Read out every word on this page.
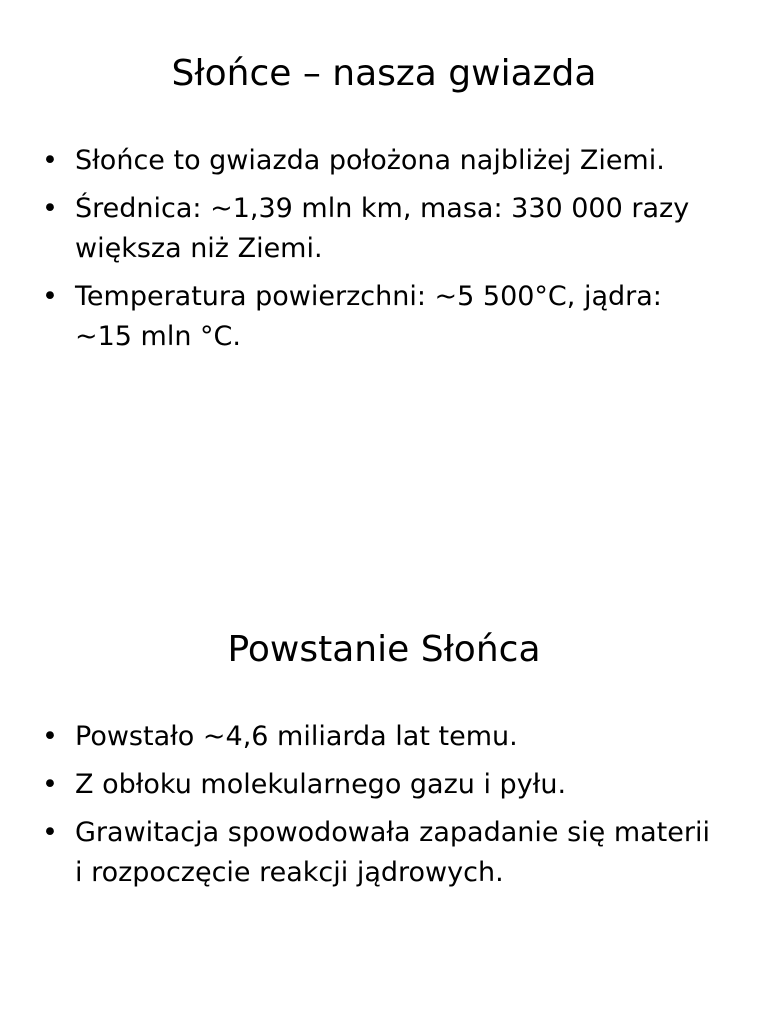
Słońce – nasza gwiazda
• Słońce to gwiazda położona najbliżej Ziemi.
• Średnica: ~1,39 mln km, masa: 330 000 razy większa niż Ziemi.
• Temperatura powierzchni: ~5 500°C, jądra: ~15 mln °C.
Powstanie Słońca
• Powstało ~4,6 miliarda lat temu.
• Z obłoku molekularnego gazu i pyłu.
• Grawitacja spowodowała zapadanie się materii i rozpoczęcie reakcji jądrowych.
